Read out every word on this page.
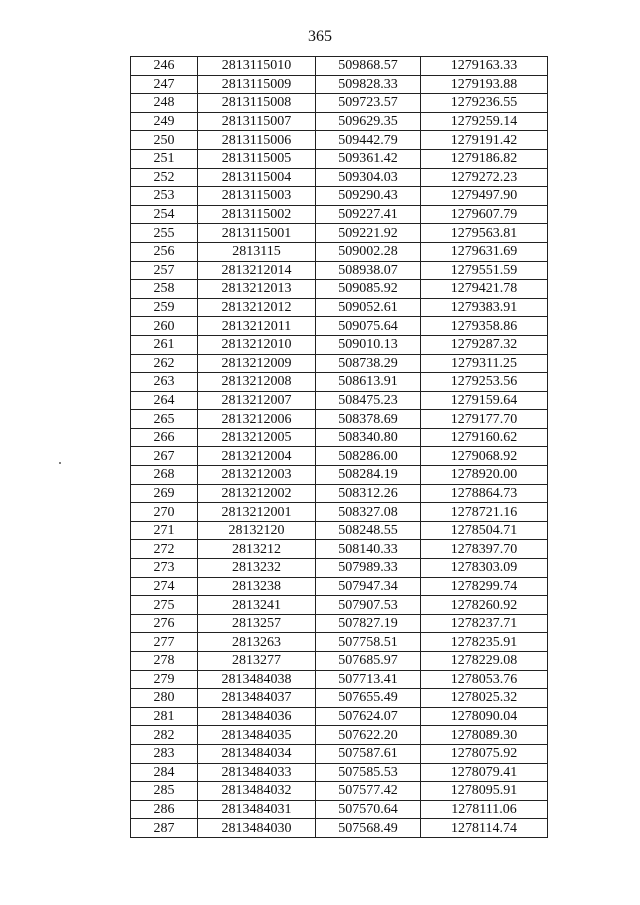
365
246	2813115010	509868.57	1279163.33
247	2813115009	509828.33	1279193.88
248	2813115008	509723.57	1279236.55
249	2813115007	509629.35	1279259.14
250	2813115006	509442.79	1279191.42
251	2813115005	509361.42	1279186.82
252	2813115004	509304.03	1279272.23
253	2813115003	509290.43	1279497.90
254	2813115002	509227.41	1279607.79
255	2813115001	509221.92	1279563.81
256	2813115	509002.28	1279631.69
257	2813212014	508938.07	1279551.59
258	2813212013	509085.92	1279421.78
259	2813212012	509052.61	1279383.91
260	2813212011	509075.64	1279358.86
261	2813212010	509010.13	1279287.32
262	2813212009	508738.29	1279311.25
263	2813212008	508613.91	1279253.56
264	2813212007	508475.23	1279159.64
265	2813212006	508378.69	1279177.70
266	2813212005	508340.80	1279160.62
267	2813212004	508286.00	1279068.92
268	2813212003	508284.19	1278920.00
269	2813212002	508312.26	1278864.73
270	2813212001	508327.08	1278721.16
271	28132120	508248.55	1278504.71
272	2813212	508140.33	1278397.70
273	2813232	507989.33	1278303.09
274	2813238	507947.34	1278299.74
275	2813241	507907.53	1278260.92
276	2813257	507827.19	1278237.71
277	2813263	507758.51	1278235.91
278	2813277	507685.97	1278229.08
279	2813484038	507713.41	1278053.76
280	2813484037	507655.49	1278025.32
281	2813484036	507624.07	1278090.04
282	2813484035	507622.20	1278089.30
283	2813484034	507587.61	1278075.92
284	2813484033	507585.53	1278079.41
285	2813484032	507577.42	1278095.91
286	2813484031	507570.64	1278111.06
287	2813484030	507568.49	1278114.74
